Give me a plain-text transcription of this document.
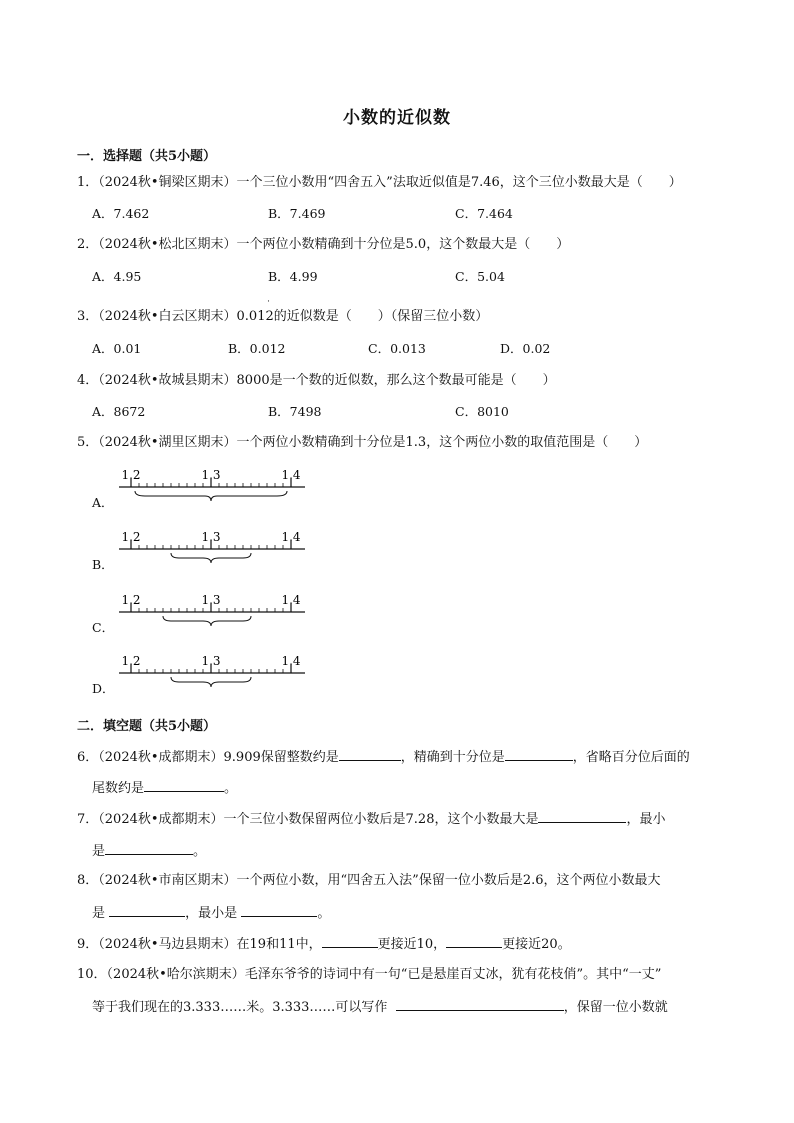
小数的近似数
一．选择题（共5小题）
1．（2024秋•铜梁区期末）一个三位小数用“四舍五入”法取近似值是7.46，这个三位小数最大是（　　）
A．7.462	B．7.469	C．7.464
2．（2024秋•松北区期末）一个两位小数精确到十分位是5.0，这个数最大是（　　）
A．4.95	B．4.99	C．5.04
3．（2024秋•白云区期末）0.012的近似数是（　　）（保留三位小数）
˙
A．0.01	B．0.012	C．0.013	D．0.02
4．（2024秋•故城县期末）8000是一个数的近似数，那么这个数最可能是（　　）
A．8672	B．7498	C．8010
5．（2024秋•湖里区期末）一个两位小数精确到十分位是1.3，这个两位小数的取值范围是（　　）
A．
B．
C．
D．
1.2	1.3	1.4
1.2	1.3	1.4
1.2	1.3	1.4
1.2	1.3	1.4
二．填空题（共5小题）
6．（2024秋•成都期末）9.909保留整数约是	，精确到十分位是	，省略百分位后面的
尾数约是	。
7．（2024秋•成都期末）一个三位小数保留两位小数后是7.28，这个小数最大是	，最小
是	。
8．（2024秋•市南区期末）一个两位小数，用“四舍五入法”保留一位小数后是2.6，这个两位小数最大
是	，最小是	。
9．（2024秋•马边县期末）在19和11中，	更接近10，	更接近20。
10．（2024秋•哈尔滨期末）毛泽东爷爷的诗词中有一句“已是悬崖百丈冰，犹有花枝俏”。其中“一丈”
等于我们现在的3.333……米。3.333……可以写作	，保留一位小数就
